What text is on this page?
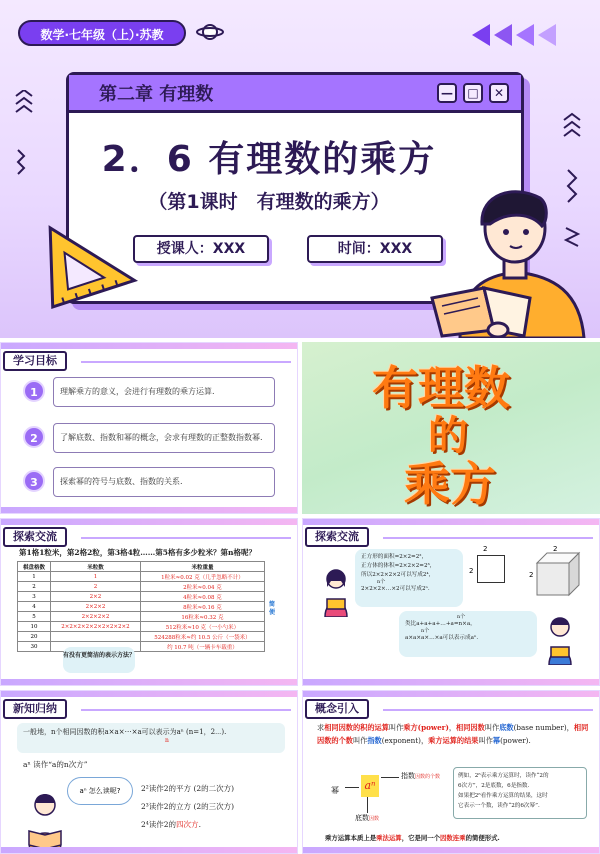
数学·七年级（上）·苏教
第二章 有理数	—	□	✕
2．6 有理数的乘方
（第1课时　有理数的乘方）
授课人：XXX	时间：XXX
学习目标
1	理解乘方的意义，会进行有理数的乘方运算.
2	了解底数、指数和幂的概念，会求有理数的正整数指数幂.
3	探索幂的符号与底数、指数的关系.
有理数
的
乘方
探索交流
第1格1粒米，第2格2粒，第3格4粒……第5格有多少粒米？第n格呢？
棋盘格数	米粒数	米粒重量
1	1	1粒米≈0.02 克（几乎忽略不计）
2	2	2粒米≈0.04 克
3	2×2	4粒米≈0.08 克
4	2×2×2	8粒米≈0.16 克
5	2×2×2×2	16粒米≈0.32 克
10	2×2×2×2×2×2×2×2×2	512粒米≈10 克（一小勺米）
20		524288粒米≈约 10.5 公斤（一袋米）
30		约 10.7 吨（一辆卡车载重）
有没有更简洁的表示方法？
简便
探索交流
正方形的面积=2×2=2²，
正方体的体积=2×2×2=2³，
所以2×2×2×2可以写成2⁴，
n个
2×2×2×…×2可以写成2ⁿ.
2
2
2
2
n个
类比a+a+a+…+a=n×a，
n个
a×a×a×…×a可以表示成aⁿ.
新知归纳
一般地，n个相同因数的积a×a×⋯×a可以表示为aⁿ (n=1，2⋯).
n
aⁿ 读作“a的n次方”
aⁿ 怎么读呢?	2²读作2的平方 (2的二次方)
2³读作2的立方 (2的三次方)
2⁴读作2的四次方.
概念引入
求相同因数的积的运算叫作乘方(power)，相同因数叫作底数(base number)，相同因数的个数叫作指数(exponent)，乘方运算的结果叫作幂(power).
幂	aⁿ
指数因数的个数
底数因数
例如，2⁶表示乘方运算时，读作“2的
6次方”，2是底数，6是指数.
如果把2⁶看作乘方运算的结果，这时
它表示一个数，读作“2的6次幂”.
乘方运算本质上是乘法运算，它是同一个因数连乘的简便形式.
